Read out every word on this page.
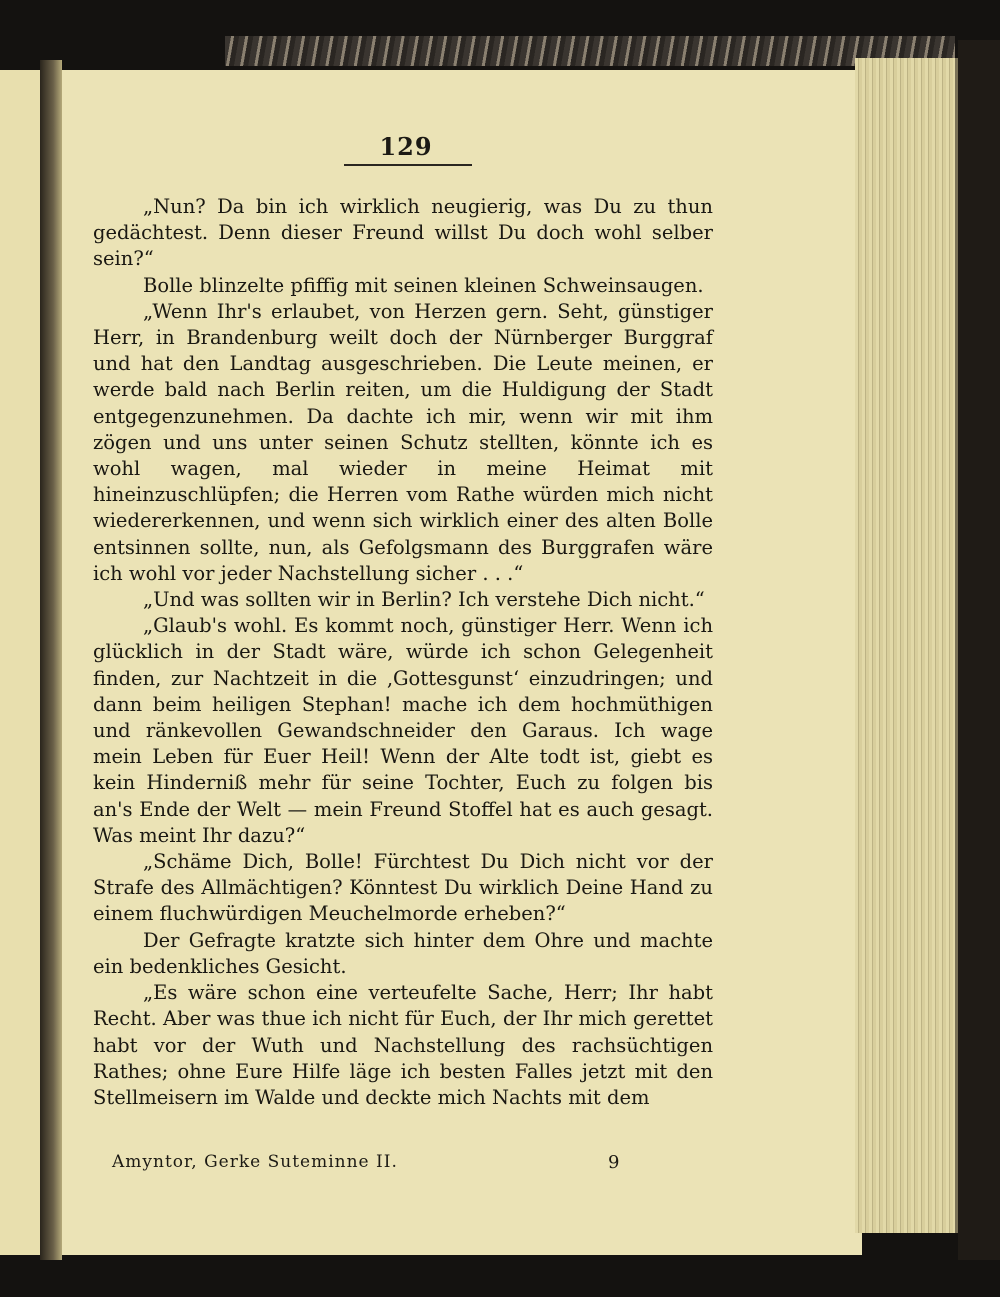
129

„Nun? Da bin ich wirklich neugierig, was Du zu thun gedächtest. Denn dieser Freund willst Du doch wohl selber sein?“

Bolle blinzelte pfiffig mit seinen kleinen Schweinsaugen.

„Wenn Ihr's erlaubet, von Herzen gern. Seht, günstiger Herr, in Brandenburg weilt doch der Nürnberger Burggraf und hat den Landtag ausgeschrieben. Die Leute meinen, er werde bald nach Berlin reiten, um die Huldigung der Stadt entgegenzunehmen. Da dachte ich mir, wenn wir mit ihm zögen und uns unter seinen Schutz stellten, könnte ich es wohl wagen, mal wieder in meine Heimat mit hineinzuschlüpfen; die Herren vom Rathe würden mich nicht wiedererkennen, und wenn sich wirklich einer des alten Bolle entsinnen sollte, nun, als Gefolgsmann des Burggrafen wäre ich wohl vor jeder Nachstellung sicher . . .“

„Und was sollten wir in Berlin? Ich verstehe Dich nicht.“

„Glaub's wohl. Es kommt noch, günstiger Herr. Wenn ich glücklich in der Stadt wäre, würde ich schon Gelegenheit finden, zur Nachtzeit in die ‚Gottesgunst‘ einzudringen; und dann beim heiligen Stephan! mache ich dem hochmüthigen und ränkevollen Gewandschneider den Garaus. Ich wage mein Leben für Euer Heil! Wenn der Alte todt ist, giebt es kein Hinderniß mehr für seine Tochter, Euch zu folgen bis an's Ende der Welt — mein Freund Stoffel hat es auch gesagt. Was meint Ihr dazu?“

„Schäme Dich, Bolle! Fürchtest Du Dich nicht vor der Strafe des Allmächtigen? Könntest Du wirklich Deine Hand zu einem fluchwürdigen Meuchelmorde erheben?“

Der Gefragte kratzte sich hinter dem Ohre und machte ein bedenkliches Gesicht.

„Es wäre schon eine verteufelte Sache, Herr; Ihr habt Recht. Aber was thue ich nicht für Euch, der Ihr mich gerettet habt vor der Wuth und Nachstellung des rachsüchtigen Rathes; ohne Eure Hilfe läge ich besten Falles jetzt mit den Stellmeisern im Walde und deckte mich Nachts mit dem

Amyntor, Gerke Suteminne II.	9
